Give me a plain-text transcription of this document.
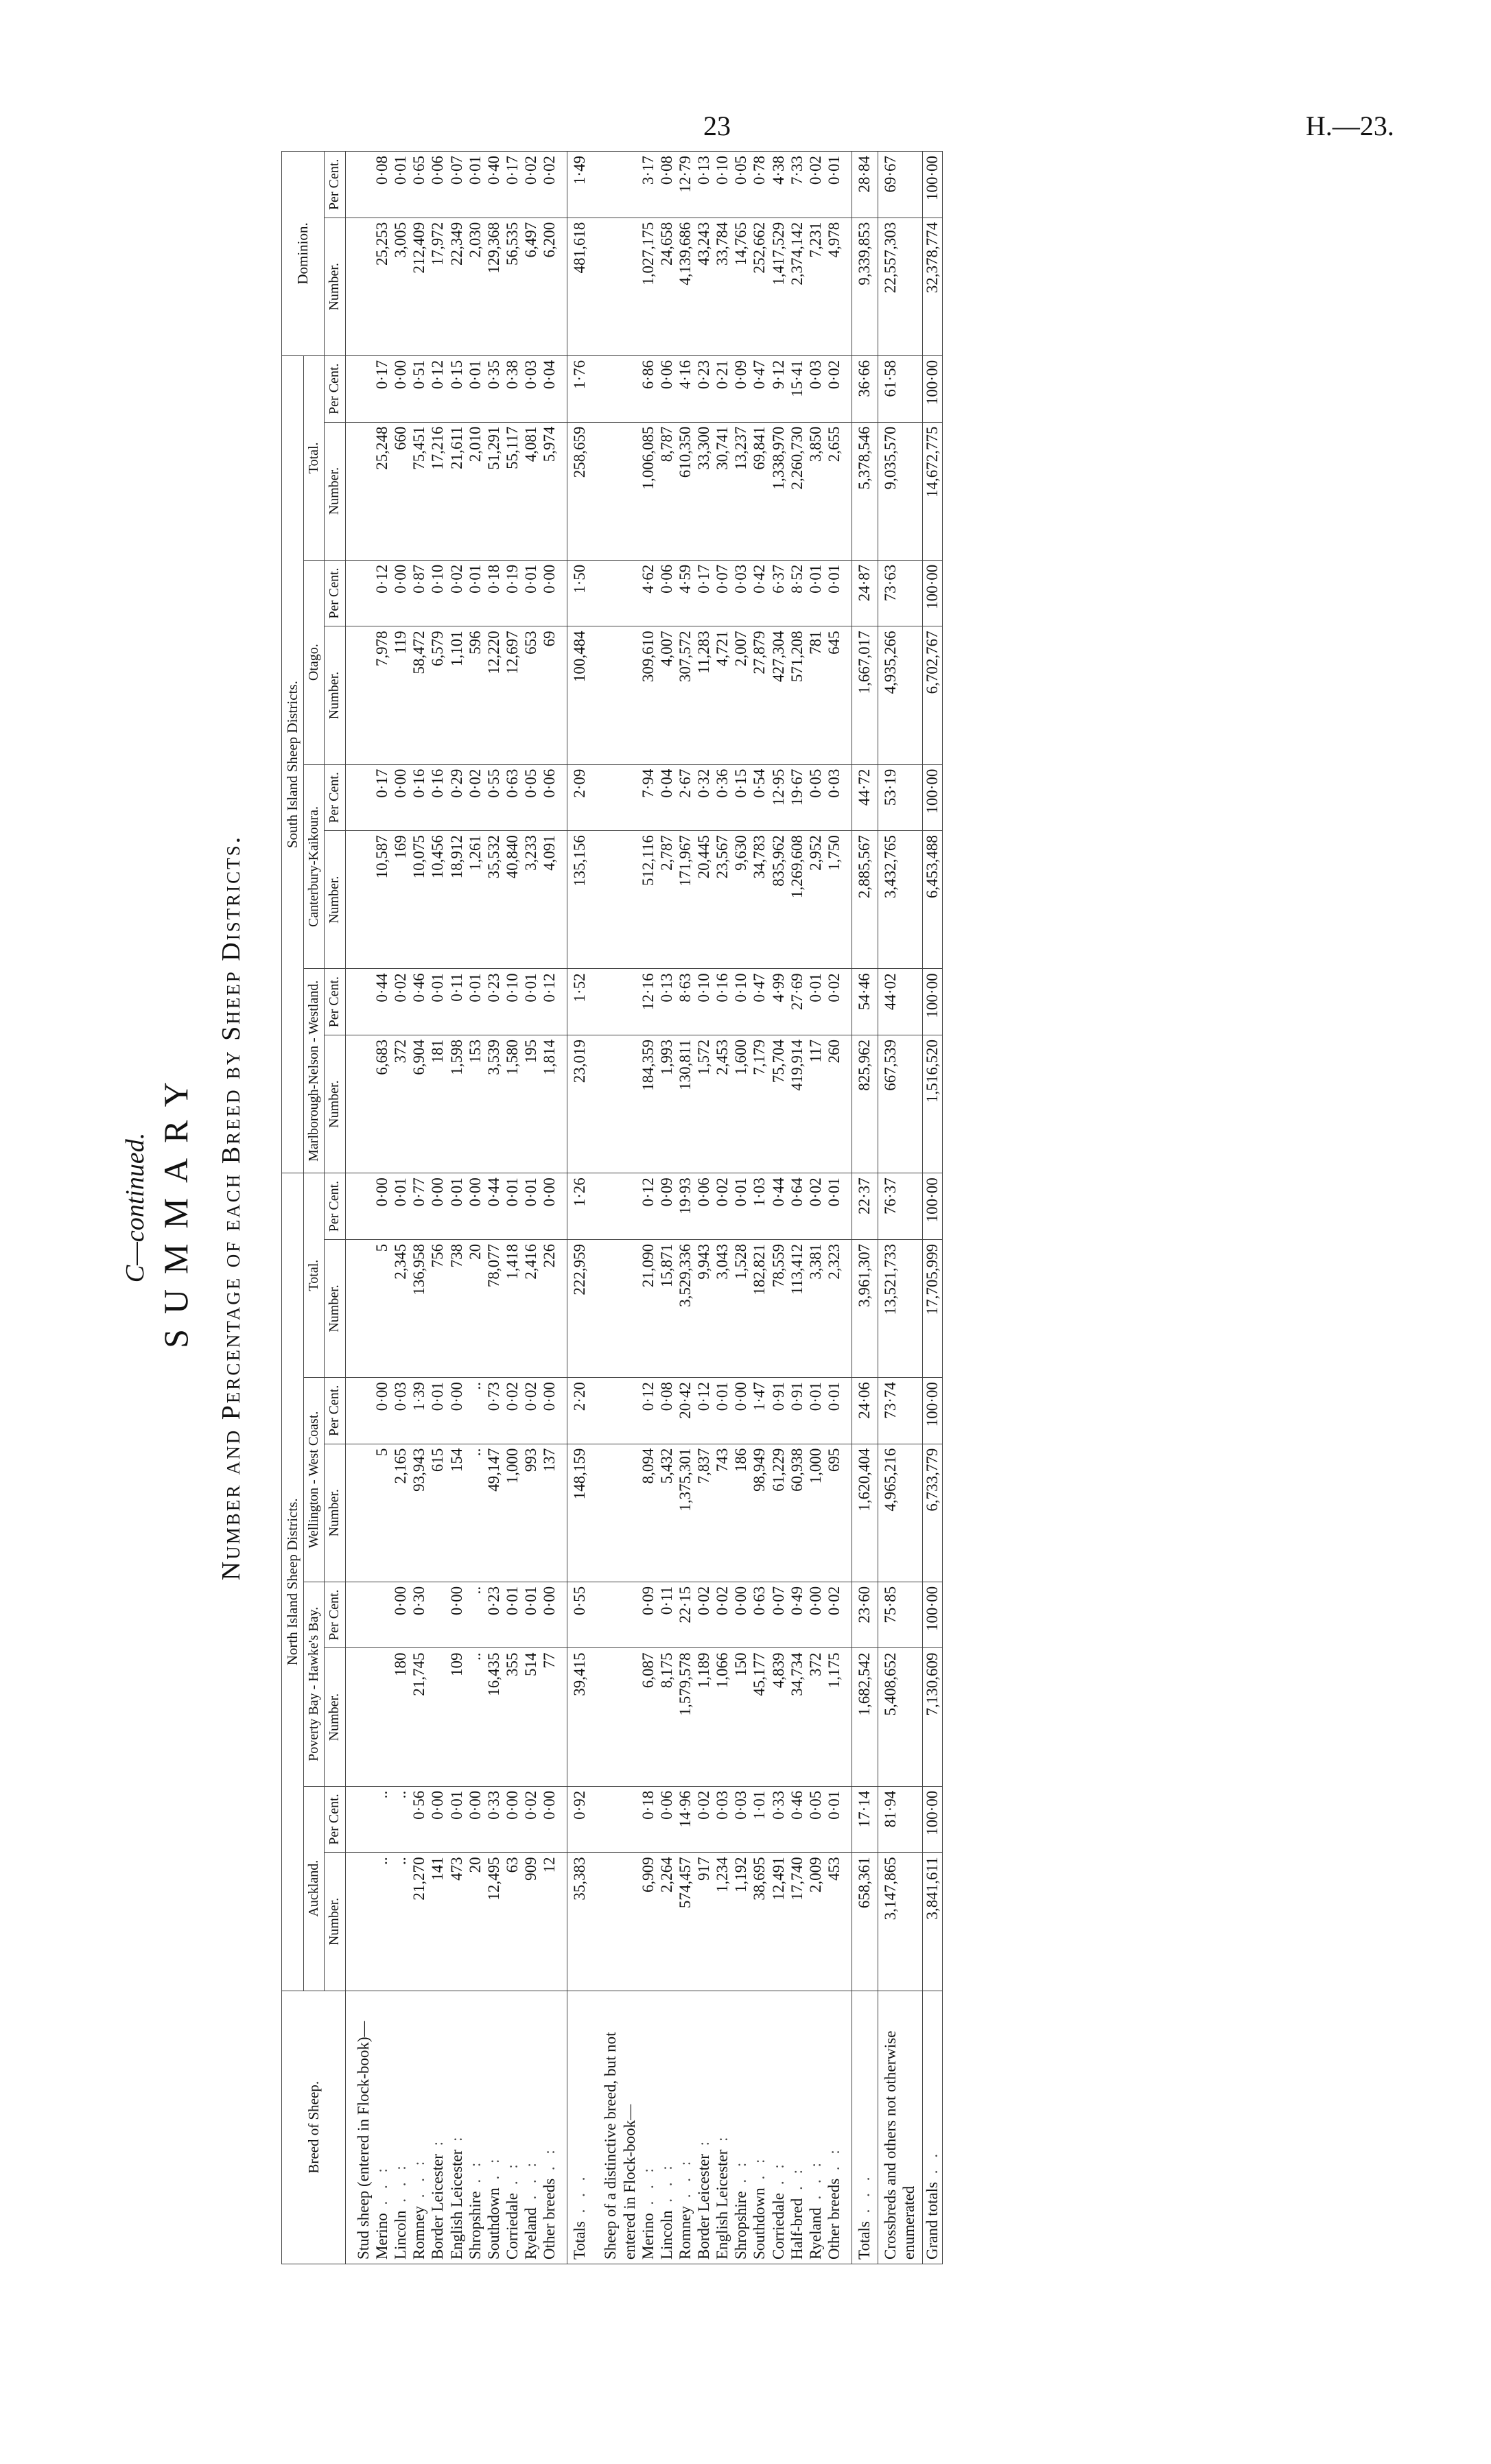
23	H.—23.
C—continued. SUMMARY Number and Percentage of each Breed by Sheep Districts.
Breed of Sheep.	North Island Sheep Districts.								South Island Sheep Districts.								Dominion.	
	Auckland.		Poverty Bay - Hawke's Bay.		Wellington - West Coast.		Total.		Marlborough-Nelson - Westland.		Canterbury-Kaikoura.		Otago.		Total.			
	Number.	Per Cent.	Number.	Per Cent.	Number.	Per Cent.	Number.	Per Cent.	Number.	Per Cent.	Number.	Per Cent.	Number.	Per Cent.	Number.	Per Cent.	Number.	Per Cent.

Stud sheep (entered in Flock-book)—																		
Merino . . :	..	..			5	0·00	5	0·00	6,683	0·44	10,587	0·17	7,978	0·12	25,248	0·17	25,253	0·08
Lincoln . . :	..	..	180	0·00	2,165	0·03	2,345	0·01	372	0·02	169	0·00	119	0·00	660	0·00	3,005	0·01
Romney . . :	21,270	0·56	21,745	0·30	93,943	1·39	136,958	0·77	6,904	0·46	10,075	0·16	58,472	0·87	75,451	0·51	212,409	0·65
Border Leicester :	141	0·00			615	0·01	756	0·00	181	0·01	10,456	0·16	6,579	0·10	17,216	0·12	17,972	0·06
English Leicester :	473	0·01	109	0·00	154	0·00	738	0·01	1,598	0·11	18,912	0·29	1,101	0·02	21,611	0·15	22,349	0·07
Shropshire . :	20	0·00	..	..	..	..	20	0·00	153	0·01	1,261	0·02	596	0·01	2,010	0·01	2,030	0·01
Southdown . :	12,495	0·33	16,435	0·23	49,147	0·73	78,077	0·44	3,539	0·23	35,532	0·55	12,220	0·18	51,291	0·35	129,368	0·40
Corriedale . :	63	0·00	355	0·01	1,000	0·02	1,418	0·01	1,580	0·10	40,840	0·63	12,697	0·19	55,117	0·38	56,535	0·17
Ryeland . . :	909	0·02	514	0·01	993	0·02	2,416	0·01	195	0·01	3,233	0·05	653	0·01	4,081	0·03	6,497	0·02
Other breeds . :	12	0·00	77	0·00	137	0·00	226	0·00	1,814	0·12	4,091	0·06	69	0·00	5,974	0·04	6,200	0·02

Totals . . .	35,383	0·92	39,415	0·55	148,159	2·20	222,959	1·26	23,019	1·52	135,156	2·09	100,484	1·50	258,659	1·76	481,618	1·49

Sheep of a distinctive breed, but not entered in Flock-book—																		
Merino . . :	6,909	0·18	6,087	0·09	8,094	0·12	21,090	0·12	184,359	12·16	512,116	7·94	309,610	4·62	1,006,085	6·86	1,027,175	3·17
Lincoln . . :	2,264	0·06	8,175	0·11	5,432	0·08	15,871	0·09	1,993	0·13	2,787	0·04	4,007	0·06	8,787	0·06	24,658	0·08
Romney . . :	574,457	14·96	1,579,578	22·15	1,375,301	20·42	3,529,336	19·93	130,811	8·63	171,967	2·67	307,572	4·59	610,350	4·16	4,139,686	12·79
Border Leicester :	917	0·02	1,189	0·02	7,837	0·12	9,943	0·06	1,572	0·10	20,445	0·32	11,283	0·17	33,300	0·23	43,243	0·13
English Leicester :	1,234	0·03	1,066	0·02	743	0·01	3,043	0·02	2,453	0·16	23,567	0·36	4,721	0·07	30,741	0·21	33,784	0·10
Shropshire . :	1,192	0·03	150	0·00	186	0·00	1,528	0·01	1,600	0·10	9,630	0·15	2,007	0·03	13,237	0·09	14,765	0·05
Southdown . :	38,695	1·01	45,177	0·63	98,949	1·47	182,821	1·03	7,179	0·47	34,783	0·54	27,879	0·42	69,841	0·47	252,662	0·78
Corriedale . :	12,491	0·33	4,839	0·07	61,229	0·91	78,559	0·44	75,704	4·99	835,962	12·95	427,304	6·37	1,338,970	9·12	1,417,529	4·38
Half-bred . :	17,740	0·46	34,734	0·49	60,938	0·91	113,412	0·64	419,914	27·69	1,269,608	19·67	571,208	8·52	2,260,730	15·41	2,374,142	7·33
Ryeland . . :	2,009	0·05	372	0·00	1,000	0·01	3,381	0·02	117	0·01	2,952	0·05	781	0·01	3,850	0·03	7,231	0·02
Other breeds . :	453	0·01	1,175	0·02	695	0·01	2,323	0·01	260	0·02	1,750	0·03	645	0·01	2,655	0·02	4,978	0·01

Totals . . .	658,361	17·14	1,682,542	23·60	1,620,404	24·06	3,961,307	22·37	825,962	54·46	2,885,567	44·72	1,667,017	24·87	5,378,546	36·66	9,339,853	28·84
Crossbreds and others not otherwise enumerated	3,147,865	81·94	5,408,652	75·85	4,965,216	73·74	13,521,733	76·37	667,539	44·02	3,432,765	53·19	4,935,266	73·63	9,035,570	61·58	22,557,303	69·67
Grand totals . .	3,841,611	100·00	7,130,609	100·00	6,733,779	100·00	17,705,999	100·00	1,516,520	100·00	6,453,488	100·00	6,702,767	100·00	14,672,775	100·00	32,378,774	100·00
